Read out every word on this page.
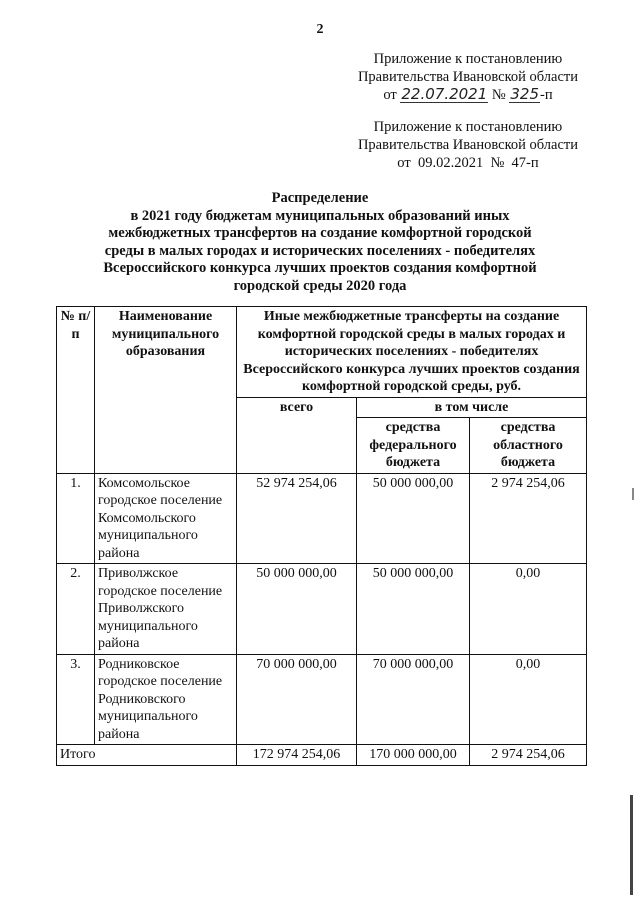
2
Приложение к постановлению
Правительства Ивановской области
от 22.07.2021 № 325-п
Приложение к постановлению
Правительства Ивановской области
от  09.02.2021  №  47-п
Распределение
в 2021 году бюджетам муниципальных образований иных
межбюджетных трансфертов на создание комфортной городской
среды в малых городах и исторических поселениях - победителях
Всероссийского конкурса лучших проектов создания комфортной
городской среды 2020 года
№ п/п	Наименование муниципального образования	Иные межбюджетные трансферты на создание комфортной городской среды в малых городах и исторических поселениях - победителях Всероссийского конкурса лучших проектов создания комфортной городской среды, руб.		
		всего	в том числе	
			средства федерального бюджета	средства областного бюджета
1.	Комсомольское городское поселение Комсомольского муниципального района	52 974 254,06	50 000 000,00	2 974 254,06
2.	Приволжское городское поселение Приволжского муниципального района	50 000 000,00	50 000 000,00	0,00
3.	Родниковское городское поселение Родниковского муниципального района	70 000 000,00	70 000 000,00	0,00
Итого		172 974 254,06	170 000 000,00	2 974 254,06
